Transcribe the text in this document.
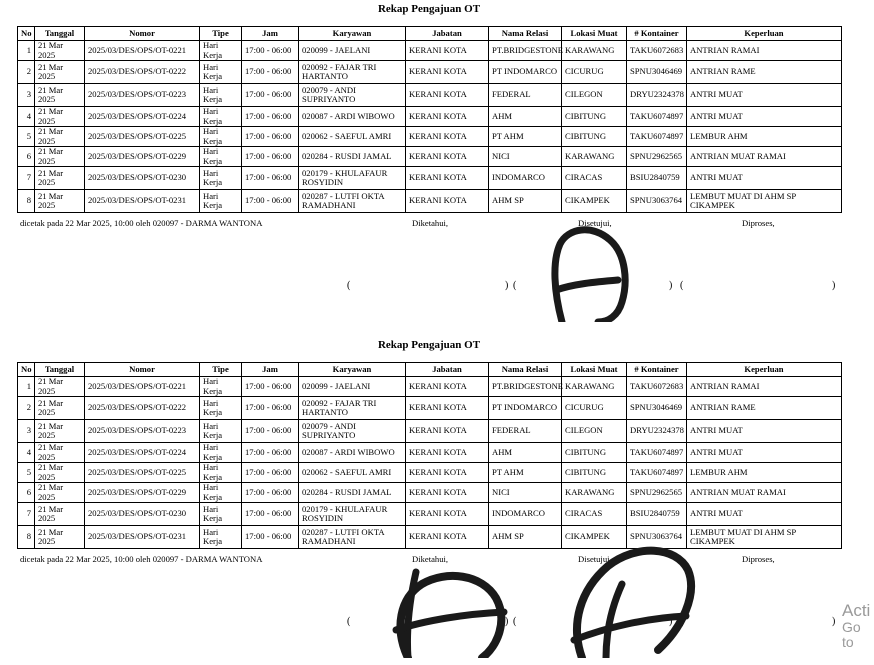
Rekap Pengajuan OT
No	Tanggal	Nomor	Tipe	Jam	Karyawan	Jabatan	Nama Relasi	Lokasi Muat	# Kontainer	Keperluan
1	21 Mar 2025	2025/03/DES/OPS/OT-0221	Hari Kerja	17:00 - 06:00	020099 - JAELANI	KERANI KOTA	PT.BRIDGESTONE	KARAWANG	TAKU6072683	ANTRIAN RAMAI
2	21 Mar 2025	2025/03/DES/OPS/OT-0222	Hari Kerja	17:00 - 06:00	020092 - FAJAR TRI HARTANTO	KERANI KOTA	PT INDOMARCO	CICURUG	SPNU3046469	ANTRIAN RAME
3	21 Mar 2025	2025/03/DES/OPS/OT-0223	Hari Kerja	17:00 - 06:00	020079 - ANDI SUPRIYANTO	KERANI KOTA	FEDERAL	CILEGON	DRYU2324378	ANTRI MUAT
4	21 Mar 2025	2025/03/DES/OPS/OT-0224	Hari Kerja	17:00 - 06:00	020087 - ARDI WIBOWO	KERANI KOTA	AHM	CIBITUNG	TAKU6074897	ANTRI MUAT
5	21 Mar 2025	2025/03/DES/OPS/OT-0225	Hari Kerja	17:00 - 06:00	020062 - SAEFUL AMRI	KERANI KOTA	PT AHM	CIBITUNG	TAKU6074897	LEMBUR AHM
6	21 Mar 2025	2025/03/DES/OPS/OT-0229	Hari Kerja	17:00 - 06:00	020284 - RUSDI JAMAL	KERANI KOTA	NICI	KARAWANG	SPNU2962565	ANTRIAN MUAT RAMAI
7	21 Mar 2025	2025/03/DES/OPS/OT-0230	Hari Kerja	17:00 - 06:00	020179 - KHULAFAUR ROSYIDIN	KERANI KOTA	INDOMARCO	CIRACAS	BSIU2840759	ANTRI MUAT
8	21 Mar 2025	2025/03/DES/OPS/OT-0231	Hari Kerja	17:00 - 06:00	020287 - LUTFI OKTA RAMADHANI	KERANI KOTA	AHM SP	CIKAMPEK	SPNU3063764	LEMBUT MUAT DI AHM SP CIKAMPEK
dicetak pada 22 Mar 2025, 10:00 oleh 020097 - DARMA WANTONA	Diketahui,	Disetujui,	Diproses,
(	) (	) (	)
Rekap Pengajuan OT
No	Tanggal	Nomor	Tipe	Jam	Karyawan	Jabatan	Nama Relasi	Lokasi Muat	# Kontainer	Keperluan
1	21 Mar 2025	2025/03/DES/OPS/OT-0221	Hari Kerja	17:00 - 06:00	020099 - JAELANI	KERANI KOTA	PT.BRIDGESTONE	KARAWANG	TAKU6072683	ANTRIAN RAMAI
2	21 Mar 2025	2025/03/DES/OPS/OT-0222	Hari Kerja	17:00 - 06:00	020092 - FAJAR TRI HARTANTO	KERANI KOTA	PT INDOMARCO	CICURUG	SPNU3046469	ANTRIAN RAME
3	21 Mar 2025	2025/03/DES/OPS/OT-0223	Hari Kerja	17:00 - 06:00	020079 - ANDI SUPRIYANTO	KERANI KOTA	FEDERAL	CILEGON	DRYU2324378	ANTRI MUAT
4	21 Mar 2025	2025/03/DES/OPS/OT-0224	Hari Kerja	17:00 - 06:00	020087 - ARDI WIBOWO	KERANI KOTA	AHM	CIBITUNG	TAKU6074897	ANTRI MUAT
5	21 Mar 2025	2025/03/DES/OPS/OT-0225	Hari Kerja	17:00 - 06:00	020062 - SAEFUL AMRI	KERANI KOTA	PT AHM	CIBITUNG	TAKU6074897	LEMBUR AHM
6	21 Mar 2025	2025/03/DES/OPS/OT-0229	Hari Kerja	17:00 - 06:00	020284 - RUSDI JAMAL	KERANI KOTA	NICI	KARAWANG	SPNU2962565	ANTRIAN MUAT RAMAI
7	21 Mar 2025	2025/03/DES/OPS/OT-0230	Hari Kerja	17:00 - 06:00	020179 - KHULAFAUR ROSYIDIN	KERANI KOTA	INDOMARCO	CIRACAS	BSIU2840759	ANTRI MUAT
8	21 Mar 2025	2025/03/DES/OPS/OT-0231	Hari Kerja	17:00 - 06:00	020287 - LUTFI OKTA RAMADHANI	KERANI KOTA	AHM SP	CIKAMPEK	SPNU3063764	LEMBUT MUAT DI AHM SP CIKAMPEK
dicetak pada 22 Mar 2025, 10:00 oleh 020097 - DARMA WANTONA	Diketahui,	Disetujui,	Diproses,
(	) (	) (	)
Acti
Go to
